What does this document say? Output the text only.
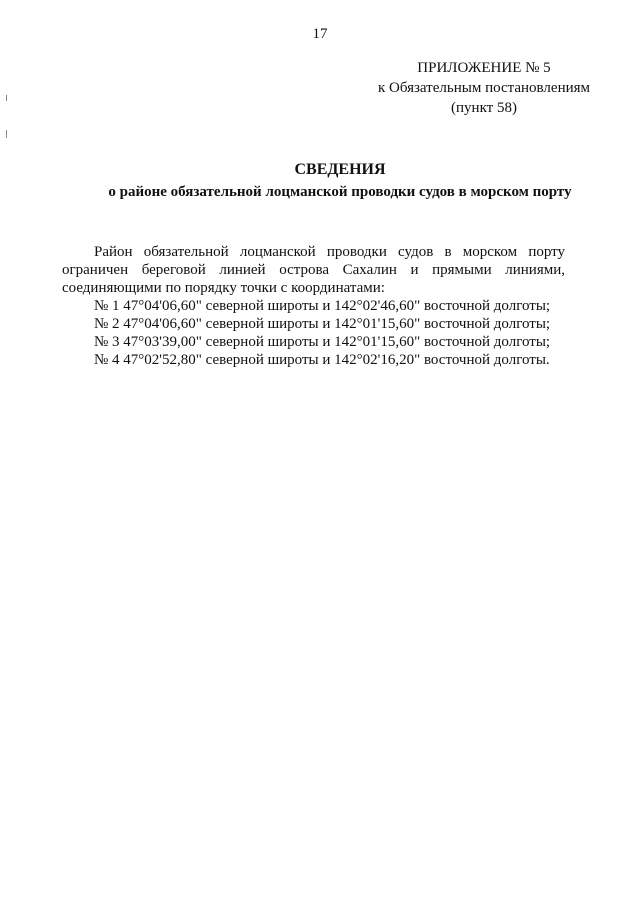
17
ПРИЛОЖЕНИЕ № 5
к Обязательным постановлениям
(пункт 58)
СВЕДЕНИЯ
о районе обязательной лоцманской проводки судов в морском порту

Район обязательной лоцманской проводки судов в морском порту ограничен береговой линией острова Сахалин и прямыми линиями, соединяющими по порядку точки с координатами:

№ 1 47°04'06,60" северной широты и 142°02'46,60" восточной долготы;
№ 2 47°04'06,60" северной широты и 142°01'15,60" восточной долготы;
№ 3 47°03'39,00" северной широты и 142°01'15,60" восточной долготы;
№ 4 47°02'52,80" северной широты и 142°02'16,20" восточной долготы.
